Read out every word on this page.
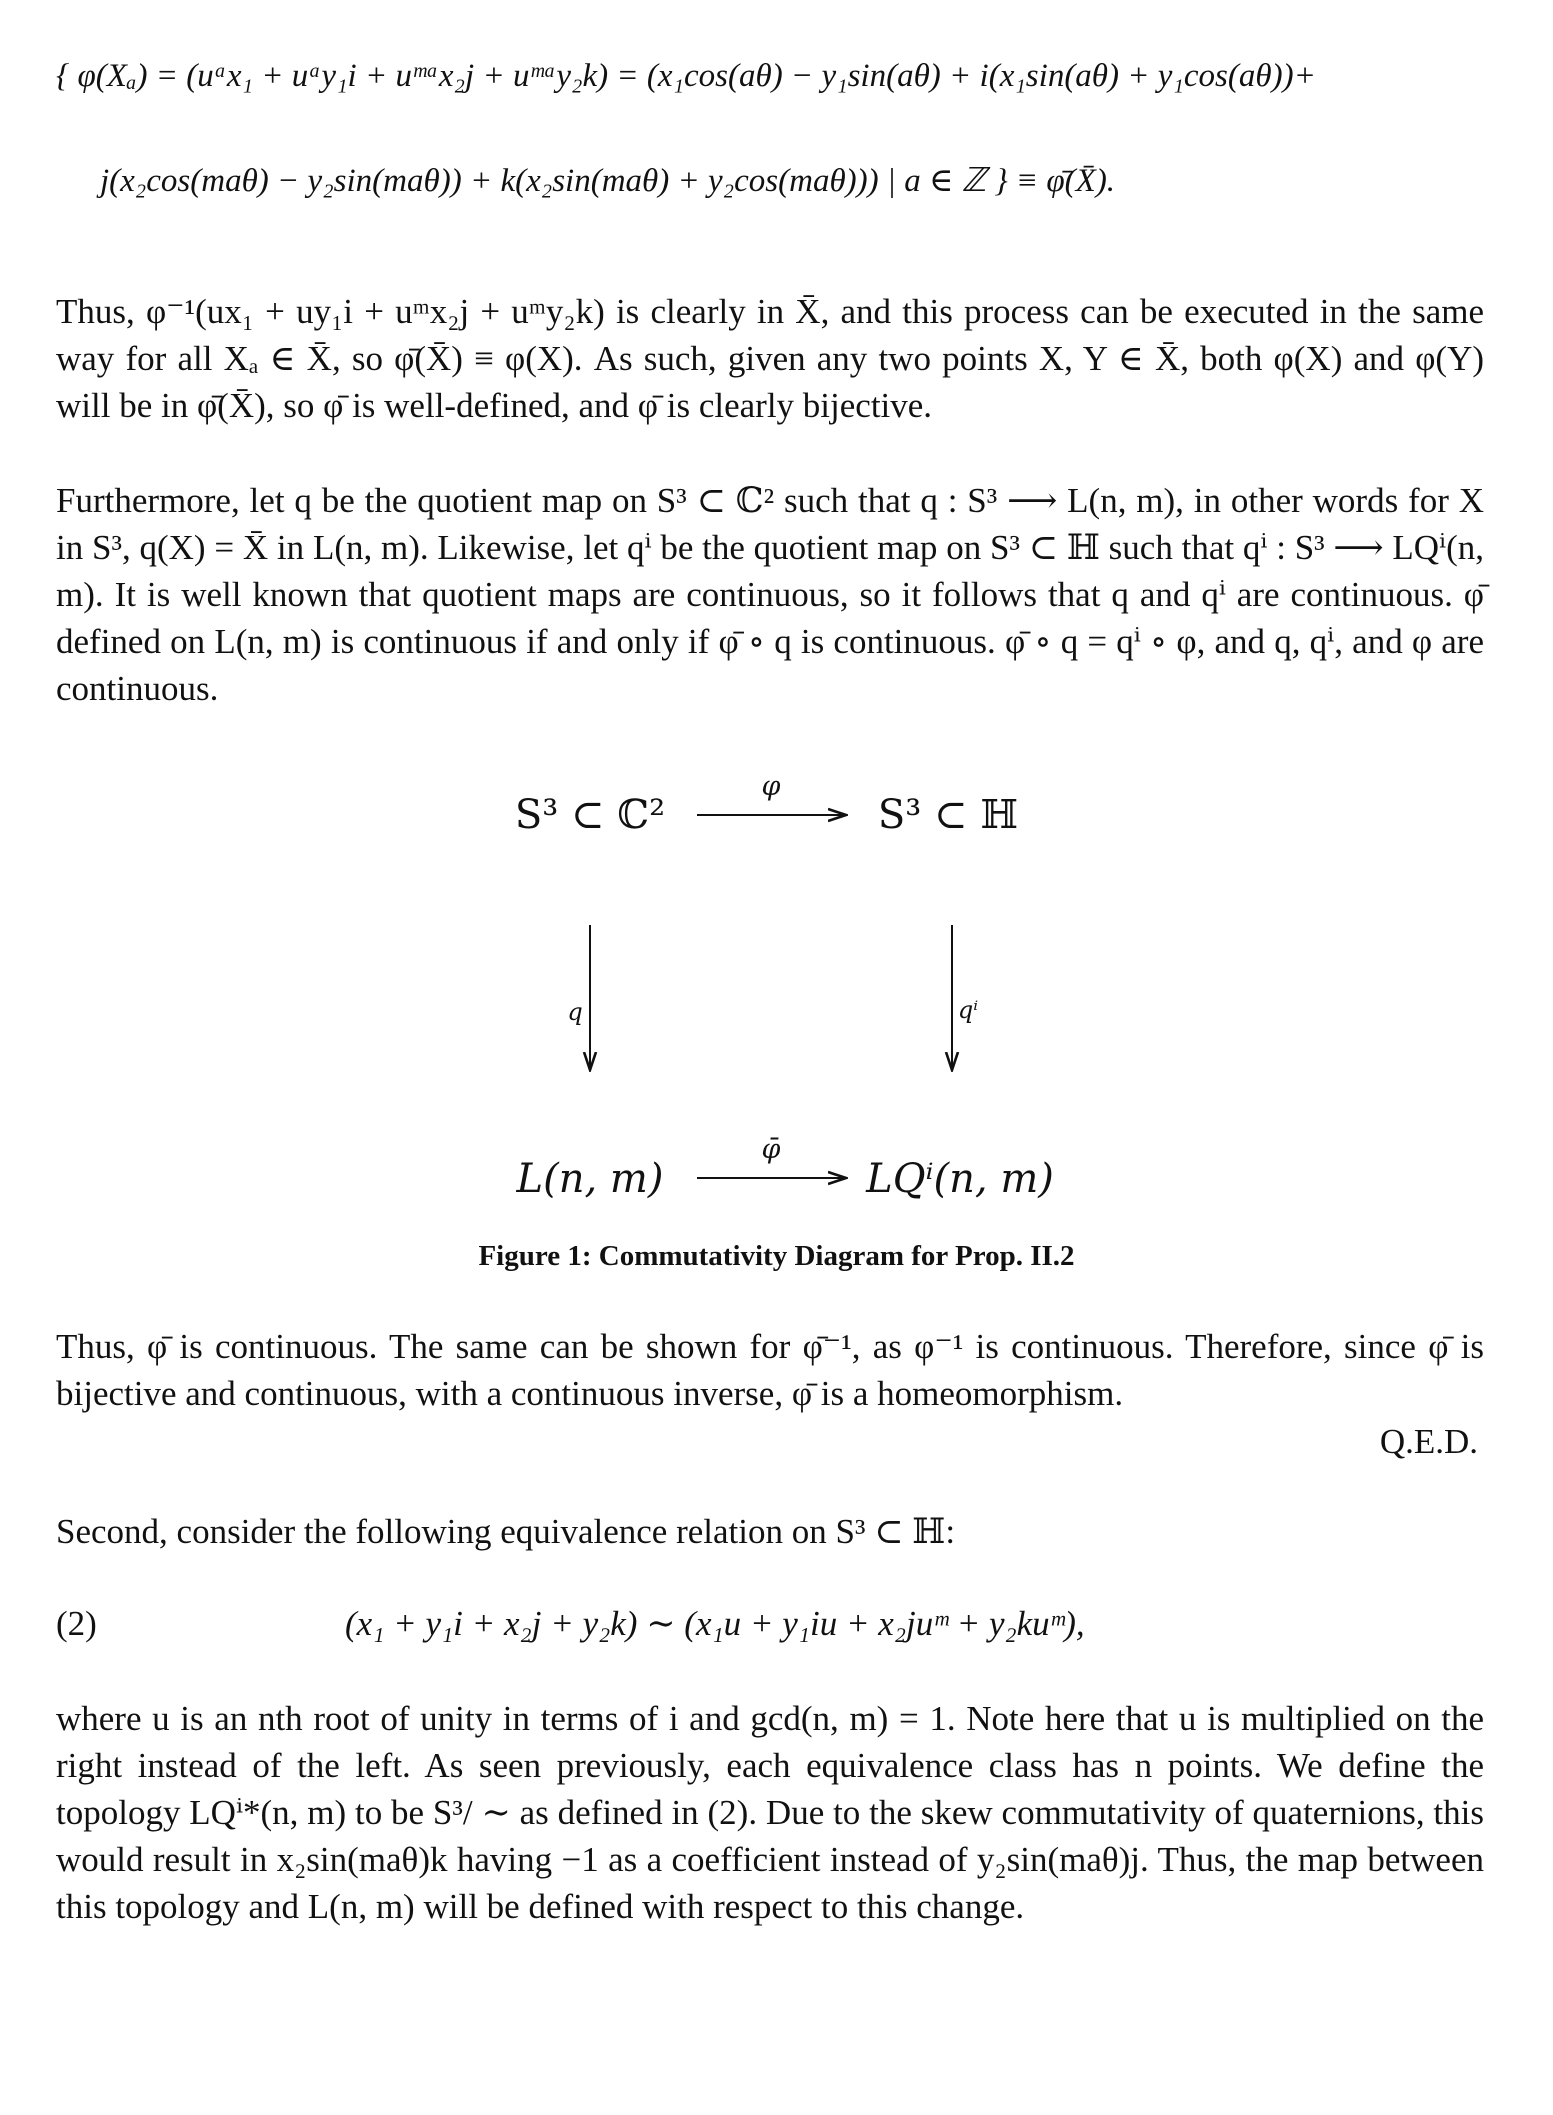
{ φ(Xₐ) = (uᵃx₁ + uᵃy₁i + uᵐᵃx₂j + uᵐᵃy₂k) = (x₁cos(aθ) − y₁sin(aθ) + i(x₁sin(aθ) + y₁cos(aθ))+
j(x₂cos(maθ) − y₂sin(maθ)) + k(x₂sin(maθ) + y₂cos(maθ))) | a ∈ ℤ } ≡ φ̄(X̄).
Thus, φ⁻¹(ux₁ + uy₁i + uᵐx₂j + uᵐy₂k) is clearly in X̄, and this process can be executed in the same way for all Xₐ ∈ X̄, so φ̄(X̄) ≡ φ(X). As such, given any two points X, Y ∈ X̄, both φ(X) and φ(Y) will be in φ̄(X̄), so φ̄ is well-defined, and φ̄ is clearly bijective.
Furthermore, let q be the quotient map on S³ ⊂ ℂ² such that q : S³ ⟶ L(n, m), in other words for X in S³, q(X) = X̄ in L(n, m). Likewise, let qⁱ be the quotient map on S³ ⊂ ℍ such that qⁱ : S³ ⟶ LQⁱ(n, m). It is well known that quotient maps are continuous, so it follows that q and qⁱ are continuous. φ̄ defined on L(n, m) is continuous if and only if φ̄ ∘ q is continuous. φ̄ ∘ q = qⁱ ∘ φ, and q, qⁱ, and φ are continuous.
S³ ⊂ ℂ²	S³ ⊂ ℍ
φ
q	qⁱ
L(n, m)	LQⁱ(n, m)
φ̄
Figure 1: Commutativity Diagram for Prop. II.2
Thus, φ̄ is continuous. The same can be shown for φ̄⁻¹, as φ⁻¹ is continuous. Therefore, since φ̄ is bijective and continuous, with a continuous inverse, φ̄ is a homeomorphism.
Q.E.D.
Second, consider the following equivalence relation on S³ ⊂ ℍ:
(2)	(x₁ + y₁i + x₂j + y₂k) ∼ (x₁u + y₁iu + x₂juᵐ + y₂kuᵐ),
where u is an nth root of unity in terms of i and gcd(n, m) = 1. Note here that u is multiplied on the right instead of the left. As seen previously, each equivalence class has n points. We define the topology LQⁱ*(n, m) to be S³/ ∼ as defined in (2). Due to the skew commutativity of quaternions, this would result in x₂sin(maθ)k having −1 as a coefficient instead of y₂sin(maθ)j. Thus, the map between this topology and L(n, m) will be defined with respect to this change.
